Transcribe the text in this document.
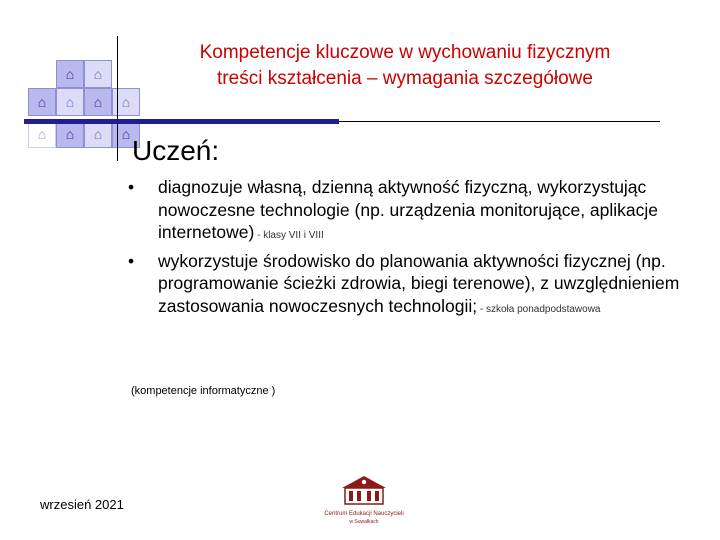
⌂	⌂	⌂	⌂
⌂	⌂
⌂	⌂	⌂	⌂
Kompetencje kluczowe w wychowaniu fizycznym
treści kształcenia – wymagania szczegółowe
Uczeń:
• diagnozuje własną, dzienną aktywność fizyczną, wykorzystując nowoczesne technologie (np. urządzenia monitorujące, aplikacje internetowe) - klasy VII i VIII
• wykorzystuje środowisko do planowania aktywności fizycznej (np. programowanie ścieżki zdrowia, biegi terenowe), z uwzględnieniem zastosowania nowoczesnych technologii; - szkoła ponadpodstawowa
(kompetencje informatyczne )
wrzesień 2021
Centrum Edukacji Nauczycieli
w Suwałkach
